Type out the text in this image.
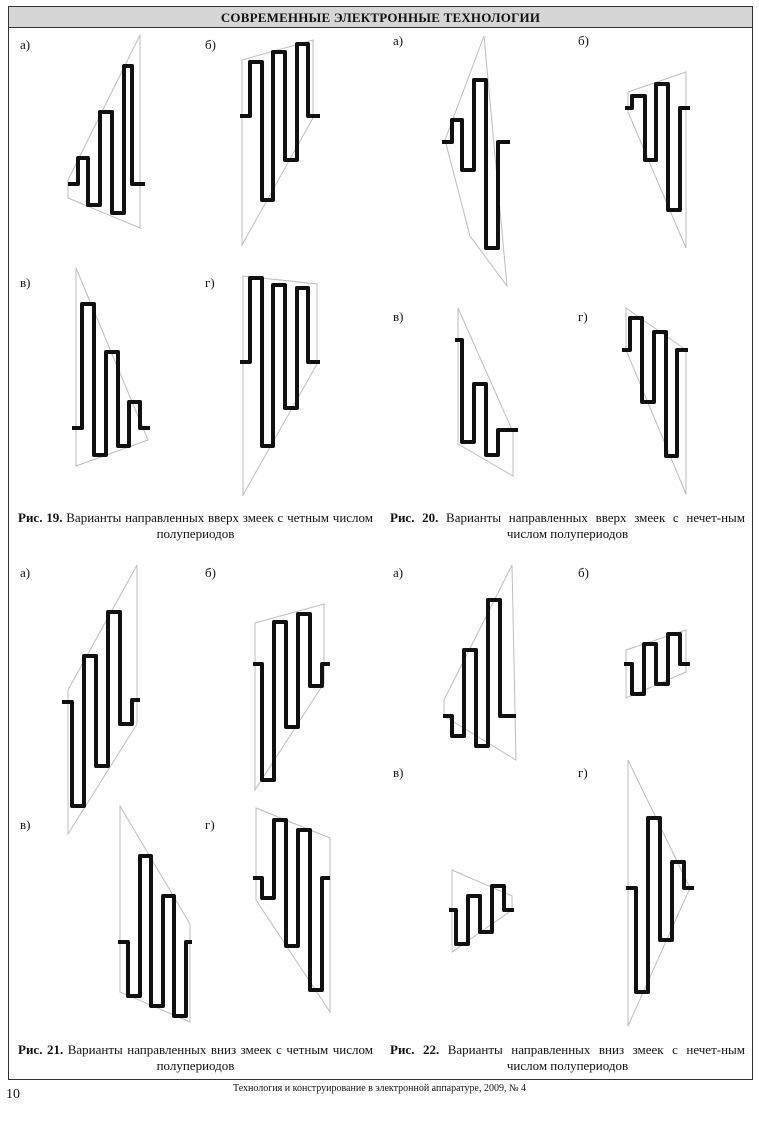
СОВРЕМЕННЫЕ ЭЛЕКТРОННЫЕ ТЕХНОЛОГИИ
а)	б)
в)	г)
а)	б)
в)	г)
а)	б)
в)	г)
а)	б)
в)	г)
Рис. 19. Варианты направленных вверх змеек с четным числом полупериодов
Рис. 20. Варианты направленных вверх змеек с нечет-ным числом полупериодов
Рис. 21. Варианты направленных вниз змеек с четным числом полупериодов
Рис. 22. Варианты направленных вниз змеек с нечет-ным числом полупериодов
Технология и конструирование в электронной аппаратуре, 2009, № 4
10
